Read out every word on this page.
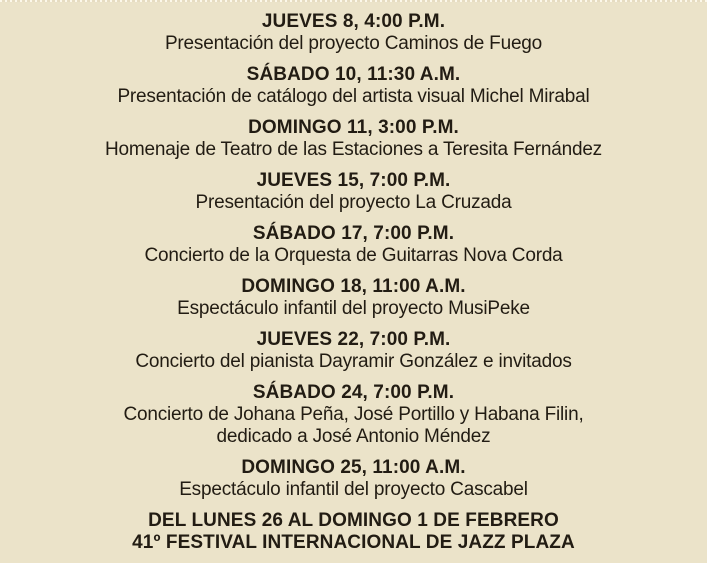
JUEVES 8, 4:00 P.M.

Presentación del proyecto Caminos de Fuego

SÁBADO 10, 11:30 A.M.

Presentación de catálogo del artista visual Michel Mirabal

DOMINGO 11, 3:00 P.M.

Homenaje de Teatro de las Estaciones a Teresita Fernández

JUEVES 15, 7:00 P.M.

Presentación del proyecto La Cruzada

SÁBADO 17, 7:00 P.M.

Concierto de la Orquesta de Guitarras Nova Corda

DOMINGO 18, 11:00 A.M.

Espectáculo infantil del proyecto MusiPeke

JUEVES 22, 7:00 P.M.

Concierto del pianista Dayramir González e invitados

SÁBADO 24, 7:00 P.M.

Concierto de Johana Peña, José Portillo y Habana Filin,

dedicado a José Antonio Méndez

DOMINGO 25, 11:00 A.M.

Espectáculo infantil del proyecto Cascabel

DEL LUNES 26 AL DOMINGO 1 DE FEBRERO

41º FESTIVAL INTERNACIONAL DE JAZZ PLAZA
